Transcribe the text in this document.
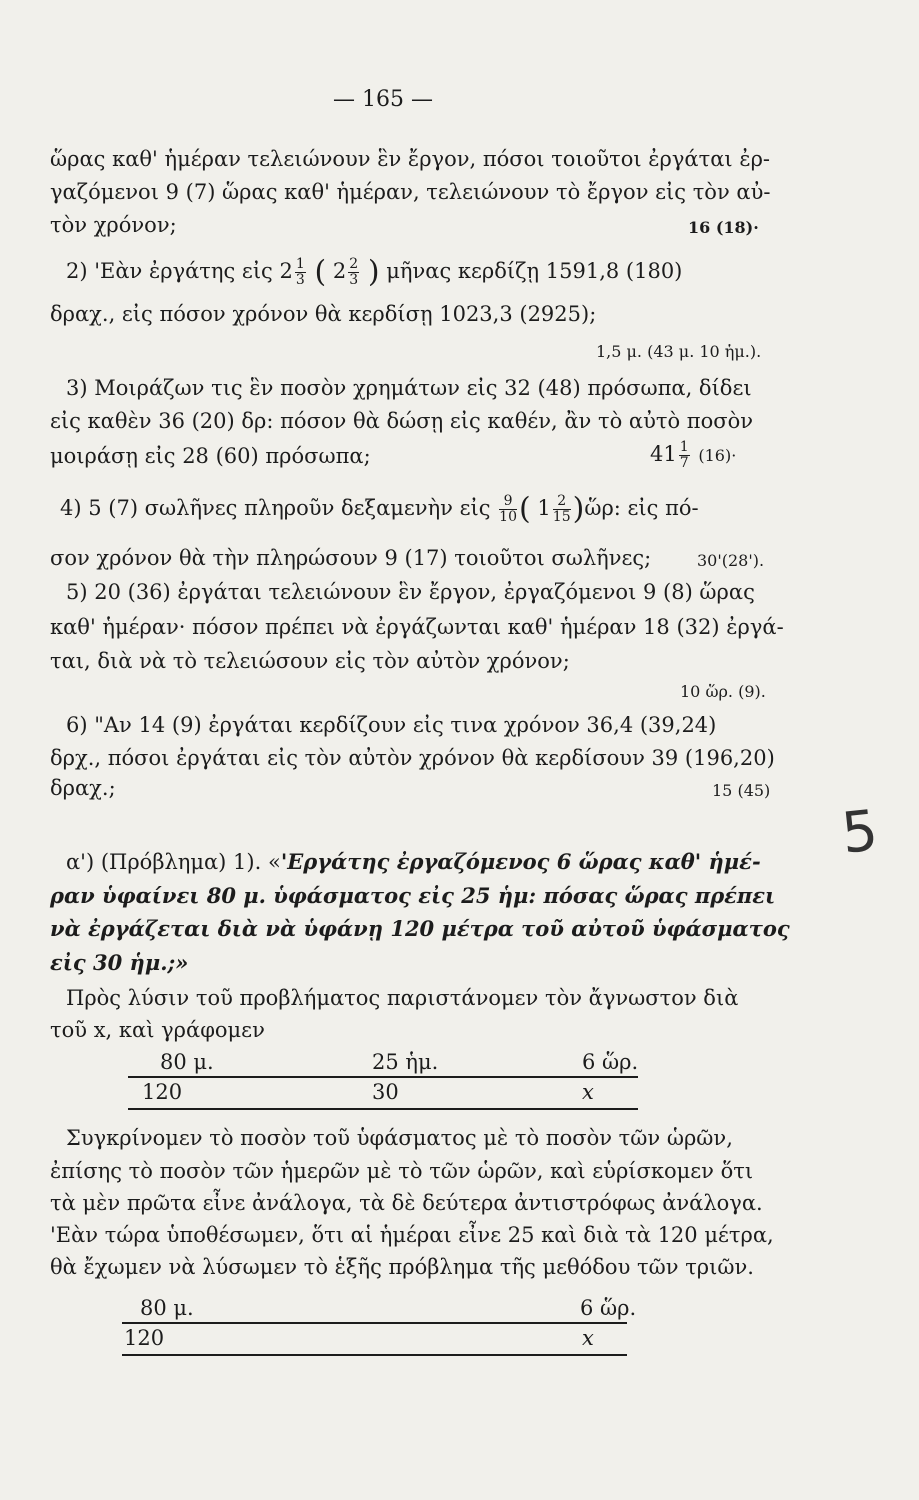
— 165 —
ὥρας καθ' ἡμέραν τελειώνουν ἓν ἔργον, πόσοι τοιοῦτοι ἐργάται ἐρ-
γαζόμενοι 9 (7) ὥρας καθ' ἡμέραν, τελειώνουν τὸ ἔργον εἰς τὸν αὐ-
τὸν χρόνον;	16 (18)·
2) 'Εὰν ἐργάτης εἰς $2 \frac{1}{3}$ ( $2 \frac{2}{3}$ ) μῆνας κερδίζῃ 1591,8 (180)
δραχ., εἰς πόσον χρόνον θὰ κερδίσῃ 1023,3 (2925);
1,5 μ. (43 μ. 10 ἡμ.).
3) Μοιράζων τις ἓν ποσὸν χρημάτων εἰς 32 (48) πρόσωπα, δίδει
εἰς καθὲν 36 (20) δρ: πόσον θὰ δώσῃ εἰς καθέν, ἂν τὸ αὐτὸ ποσὸν
μοιράσῃ εἰς 28 (60) πρόσωπα;	$41 \frac{1}{7} (16)\cdot$
4) 5 (7) σωλῆνες πληροῦν δεξαμενὴν εἰς $\frac{9}{10}$ ( $1 \frac{2}{15}$ )ὥρ: εἰς πό-
σον χρόνον θὰ τὴν πληρώσουν 9 (17) τοιοῦτοι σωλῆνες;	30'(28').
5) 20 (36) ἐργάται τελειώνουν ἓν ἔργον, ἐργαζόμενοι 9 (8) ὥρας
καθ' ἡμέραν· πόσον πρέπει νὰ ἐργάζωνται καθ' ἡμέραν 18 (32) ἐργά-
ται, διὰ νὰ τὸ τελειώσουν εἰς τὸν αὐτὸν χρόνον;
10 ὥρ. (9).
6) "Αν 14 (9) ἐργάται κερδίζουν εἰς τινα χρόνον 36,4 (39,24)
δρχ., πόσοι ἐργάται εἰς τὸν αὐτὸν χρόνον θὰ κερδίσουν 39 (196,20)
δραχ.;	15 (45)
5
α') (Πρόβλημα) 1). «'Εργάτης ἐργαζόμενος 6 ὥρας καθ' ἡμέ-
ραν ὑφαίνει 80 μ. ὑφάσματος εἰς 25 ἡμ: πόσας ὥρας πρέπει
νὰ ἐργάζεται διὰ νὰ ὑφάνῃ 120 μέτρα τοῦ αὐτοῦ ὑφάσματος
εἰς 30 ἡμ.;»
Πρὸς λύσιν τοῦ προβλήματος παριστάνομεν τὸν ἄγνωστον διὰ
τοῦ x, καὶ γράφομεν
80 μ.	25 ἡμ.	6 ὥρ.
120	30	x
Συγκρίνομεν τὸ ποσὸν τοῦ ὑφάσματος μὲ τὸ ποσὸν τῶν ὡρῶν,
ἐπίσης τὸ ποσὸν τῶν ἡμερῶν μὲ τὸ τῶν ὡρῶν, καὶ εὑρίσκομεν ὅτι
τὰ μὲν πρῶτα εἶνε ἀνάλογα, τὰ δὲ δεύτερα ἀντιστρόφως ἀνάλογα.
'Εὰν τώρα ὑποθέσωμεν, ὅτι αἱ ἡμέραι εἶνε 25 καὶ διὰ τὰ 120 μέτρα,
θὰ ἔχωμεν νὰ λύσωμεν τὸ ἑξῆς πρόβλημα τῆς μεθόδου τῶν τριῶν.
80 μ.	6 ὥρ.
120	x
